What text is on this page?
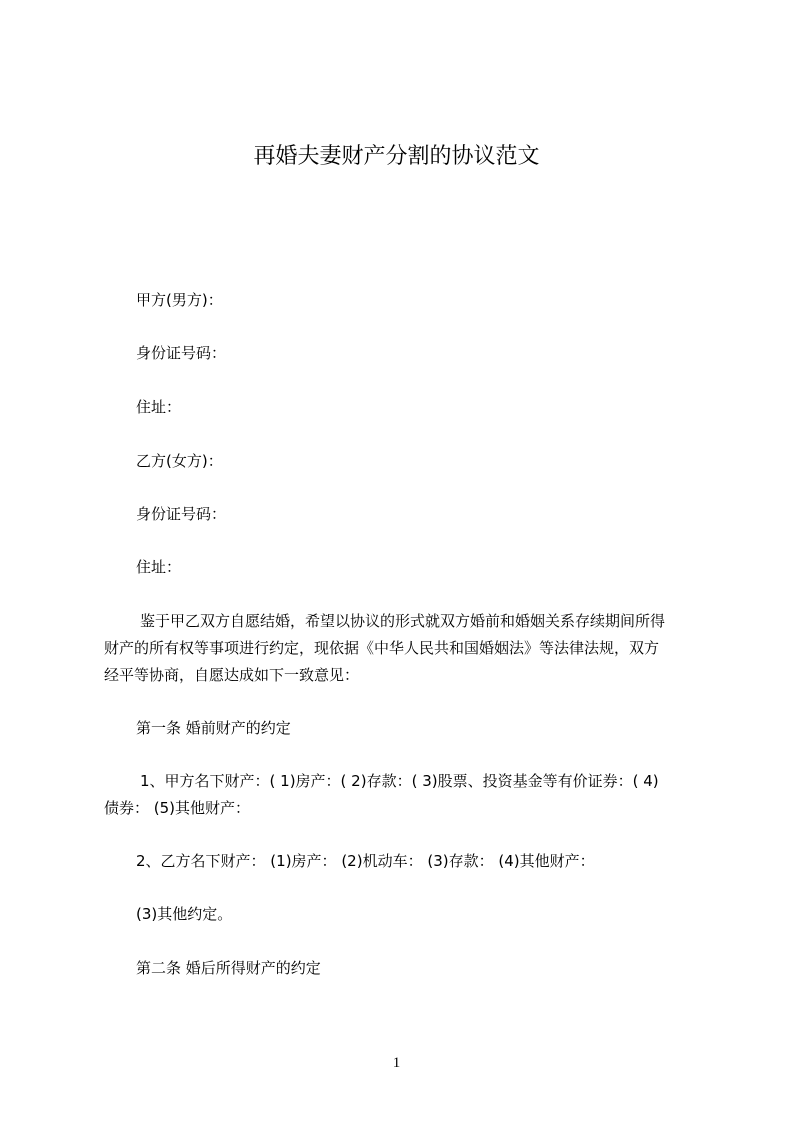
再婚夫妻财产分割的协议范文
甲方(男方)：
身份证号码：
住址：
乙方(女方)：
身份证号码：
住址：
鉴于甲乙双方自愿结婚，希望以协议的形式就双方婚前和婚姻关系存续期间所得
财产的所有权等事项进行约定，现依据《中华人民共和国婚姻法》等法律法规，双方
经平等协商，自愿达成如下一致意见：
第一条 婚前财产的约定
1、甲方名下财产：( 1)房产：( 2)存款：( 3)股票、投资基金等有价证券：( 4)
债券： (5)其他财产：
2、乙方名下财产： (1)房产： (2)机动车： (3)存款： (4)其他财产：
(3)其他约定。
第二条 婚后所得财产的约定
1
